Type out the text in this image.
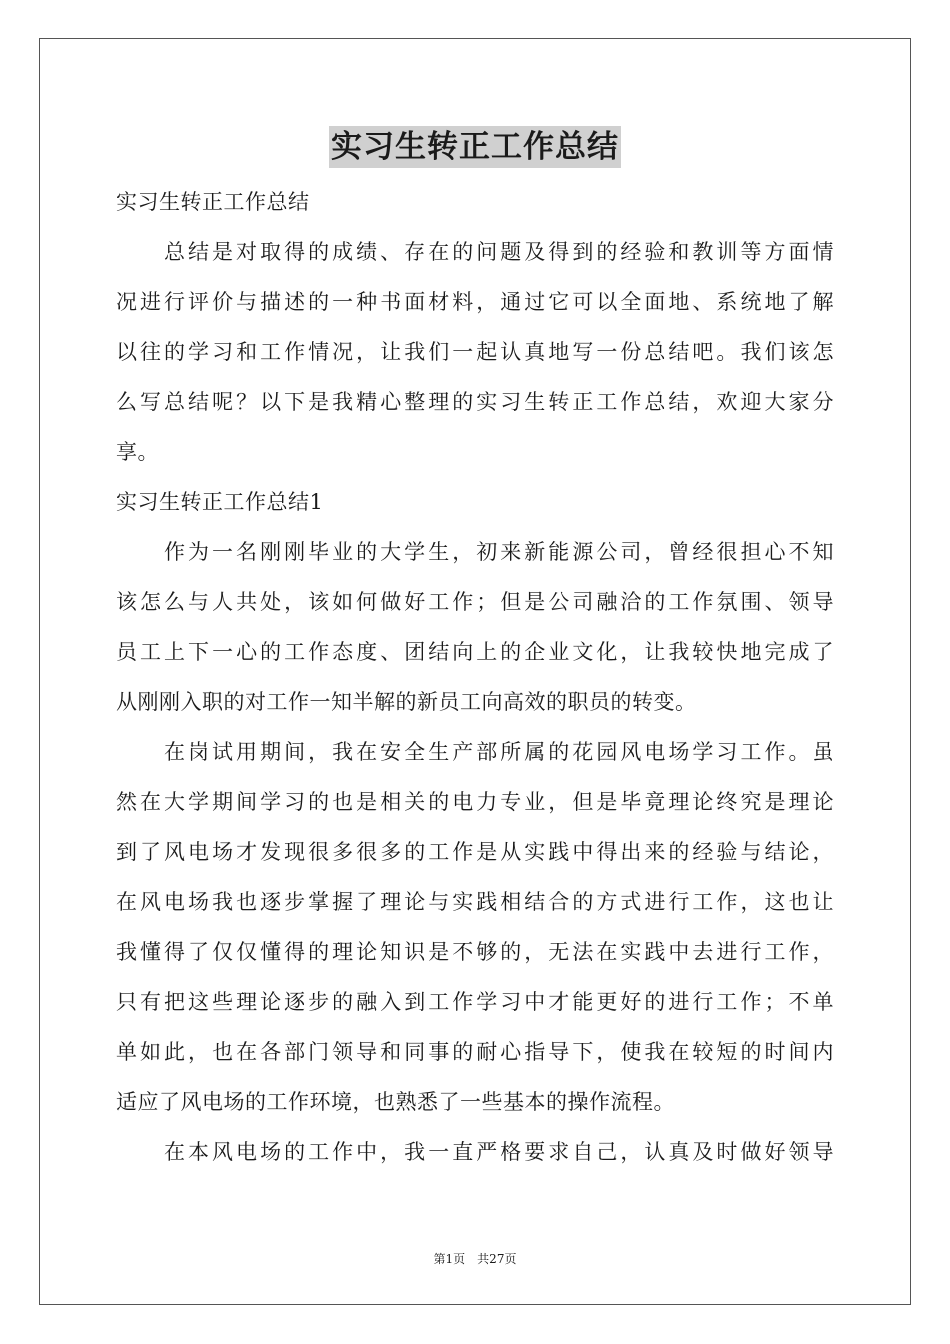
实习生转正工作总结
实习生转正工作总结
总结是对取得的成绩、存在的问题及得到的经验和教训等方面情
况进行评价与描述的一种书面材料，通过它可以全面地、系统地了解
以往的学习和工作情况，让我们一起认真地写一份总结吧。我们该怎
么写总结呢？以下是我精心整理的实习生转正工作总结，欢迎大家分
享。
实习生转正工作总结1
作为一名刚刚毕业的大学生，初来新能源公司，曾经很担心不知
该怎么与人共处，该如何做好工作；但是公司融洽的工作氛围、领导
员工上下一心的工作态度、团结向上的企业文化，让我较快地完成了
从刚刚入职的对工作一知半解的新员工向高效的职员的转变。
在岗试用期间，我在安全生产部所属的花园风电场学习工作。虽
然在大学期间学习的也是相关的电力专业，但是毕竟理论终究是理论
到了风电场才发现很多很多的工作是从实践中得出来的经验与结论，
在风电场我也逐步掌握了理论与实践相结合的方式进行工作，这也让
我懂得了仅仅懂得的理论知识是不够的，无法在实践中去进行工作，
只有把这些理论逐步的融入到工作学习中才能更好的进行工作；不单
单如此，也在各部门领导和同事的耐心指导下，使我在较短的时间内
适应了风电场的工作环境，也熟悉了一些基本的操作流程。
在本风电场的工作中，我一直严格要求自己，认真及时做好领导
第1页　共27页
